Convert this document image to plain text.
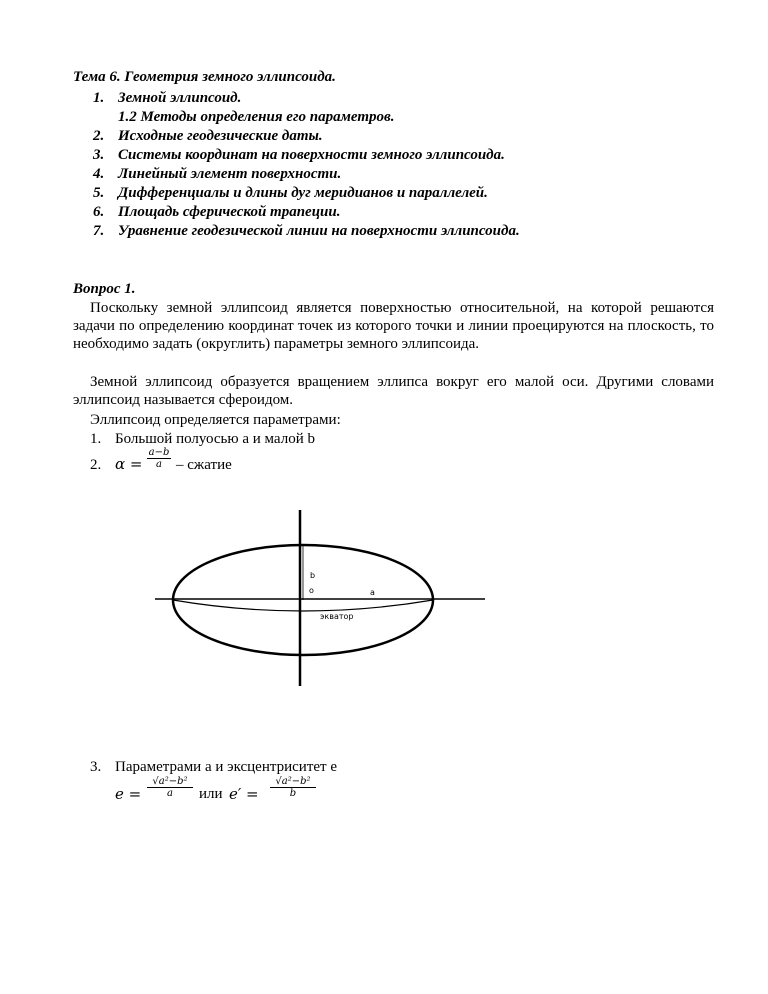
Тема 6. Геометрия земного эллипсоида.
1. Земной эллипсоид.
1.2 Методы определения его параметров.
2. Исходные геодезические даты.
3. Системы координат на поверхности земного эллипсоида.
4. Линейный элемент поверхности.
5. Дифференциалы и длины дуг меридианов и параллелей.
6. Площадь сферической трапеции.
7. Уравнение геодезической линии на поверхности эллипсоида.
Вопрос 1.
Поскольку земной эллипсоид является поверхностью относительной, на которой решаются задачи по определению координат точек из которого точки и линии проецируются на плоскость, то необходимо задать (округлить) параметры земного эллипсоида.
Земной эллипсоид образуется вращением эллипса вокруг его малой оси. Другими словами эллипсоид называется сфероидом.
Эллипсоид определяется параметрами:
1. Большой полуосью а и малой b
2. $\alpha = \frac{a-b}{a}$ – сжатие
b
o	a
экватор
3. Параметрами а и эксцентриситет е
$e = \frac{\text{√a²−b²}}{a}$ или $e' = \frac{\text{√a²−b²}}{b}$
